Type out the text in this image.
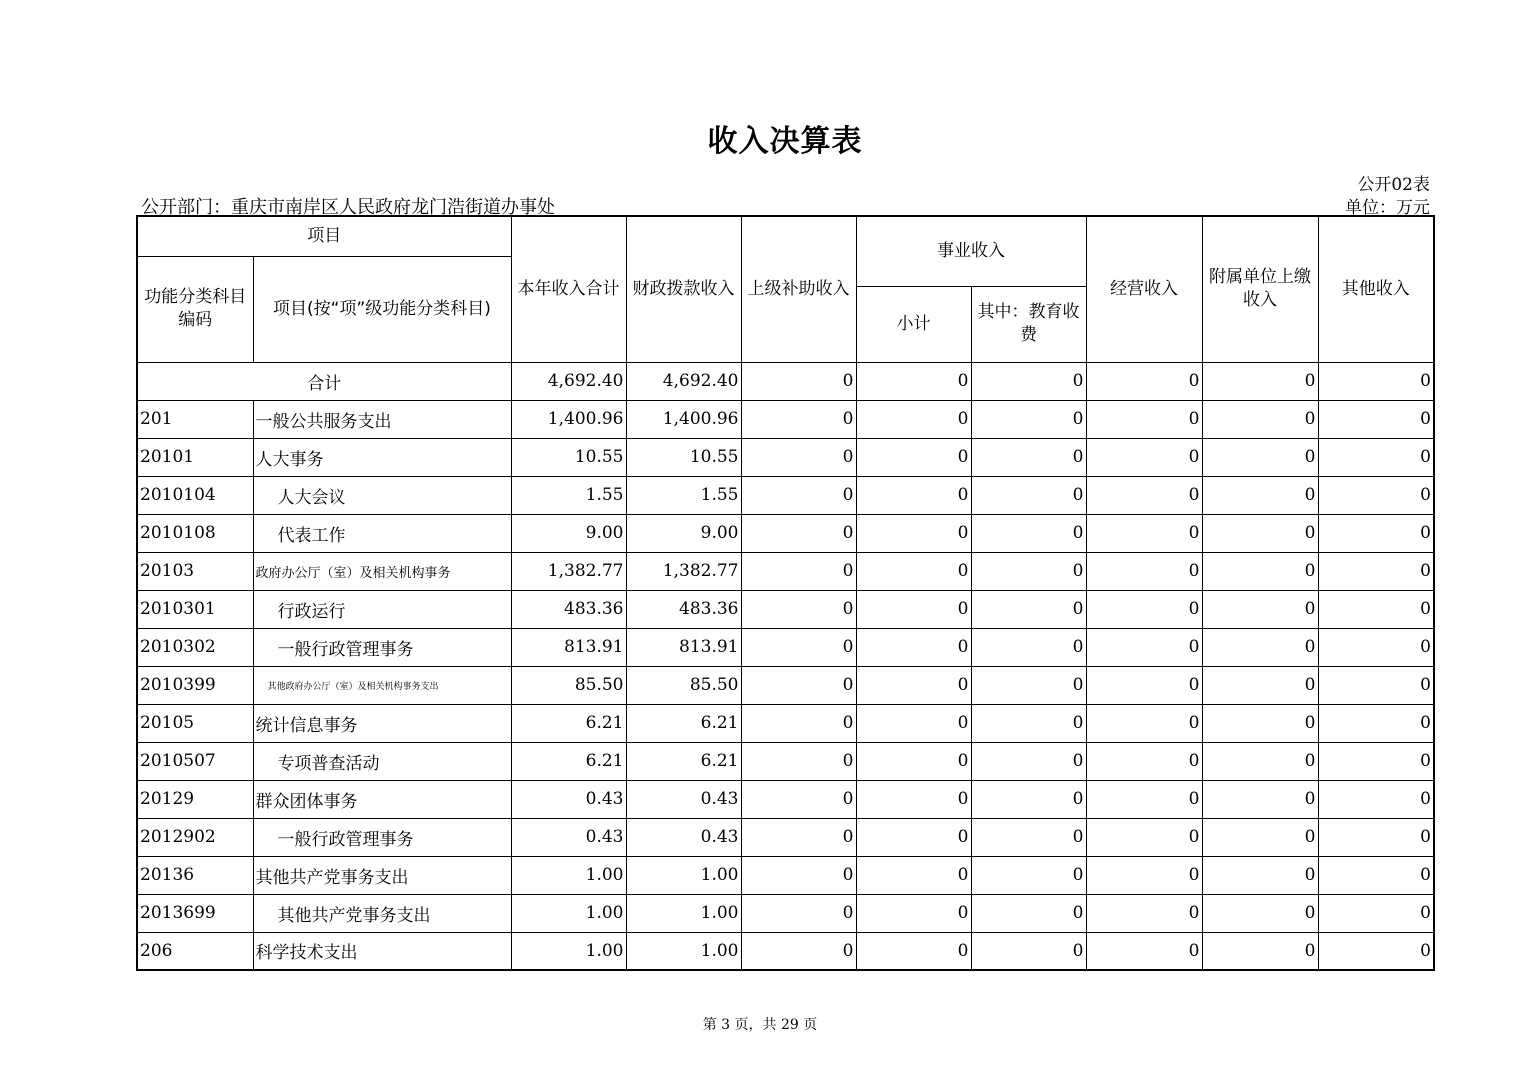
收入决算表
公开02表
公开部门：重庆市南岸区人民政府龙门浩街道办事处	单位：万元
项目		本年收入合计	财政拨款收入	上级补助收入	事业收入		经营收入	附属单位上缴收入	其他收入
功能分类科目编码	项目(按“项”级功能分类科目)								
					小计	其中：教育收费			
合计		4,692.40	4,692.40	0	0	0	0	0	0
201	一般公共服务支出	1,400.96	1,400.96	0	0	0	0	0	0
20101	人大事务	10.55	10.55	0	0	0	0	0	0
2010104	人大会议	1.55	1.55	0	0	0	0	0	0
2010108	代表工作	9.00	9.00	0	0	0	0	0	0
20103	政府办公厅（室）及相关机构事务	1,382.77	1,382.77	0	0	0	0	0	0
2010301	行政运行	483.36	483.36	0	0	0	0	0	0
2010302	一般行政管理事务	813.91	813.91	0	0	0	0	0	0
2010399	其他政府办公厅（室）及相关机构事务支出	85.50	85.50	0	0	0	0	0	0
20105	统计信息事务	6.21	6.21	0	0	0	0	0	0
2010507	专项普查活动	6.21	6.21	0	0	0	0	0	0
20129	群众团体事务	0.43	0.43	0	0	0	0	0	0
2012902	一般行政管理事务	0.43	0.43	0	0	0	0	0	0
20136	其他共产党事务支出	1.00	1.00	0	0	0	0	0	0
2013699	其他共产党事务支出	1.00	1.00	0	0	0	0	0	0
206	科学技术支出	1.00	1.00	0	0	0	0	0	0
第 3 页，共 29 页
